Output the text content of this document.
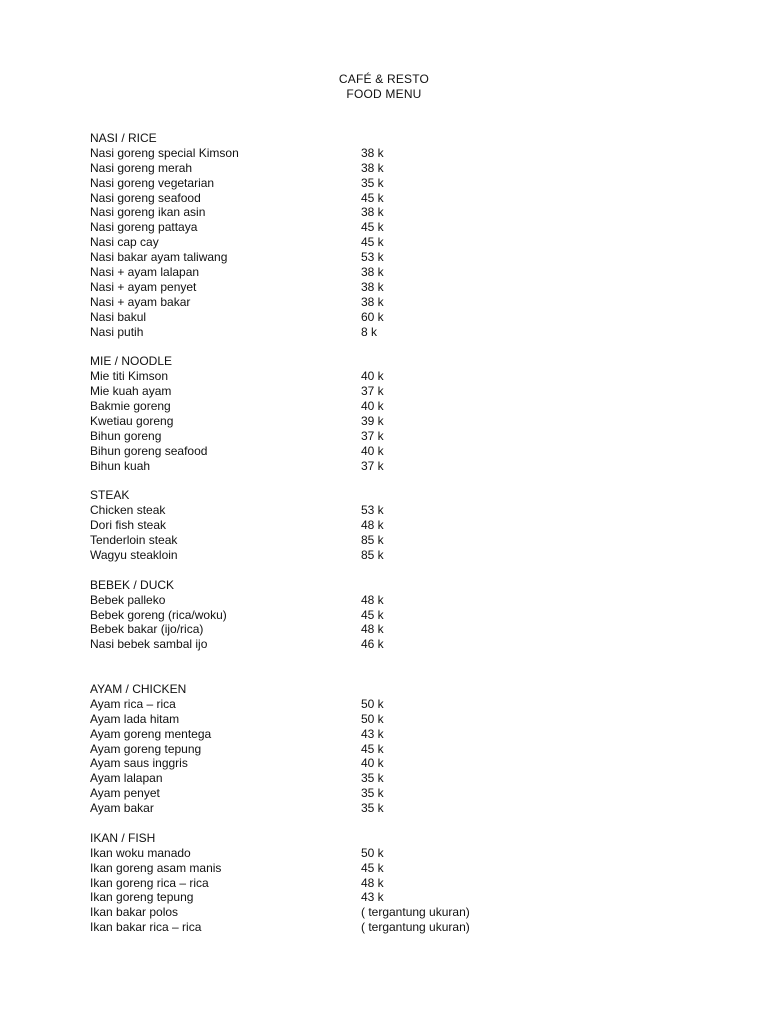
CAFÉ & RESTO
FOOD MENU
NASI / RICE
Nasi goreng special Kimson	38 k
Nasi goreng merah	38 k
Nasi goreng vegetarian	35 k
Nasi goreng seafood	45 k
Nasi goreng ikan asin	38 k
Nasi goreng pattaya	45 k
Nasi cap cay	45 k
Nasi bakar ayam taliwang	53 k
Nasi + ayam lalapan	38 k
Nasi + ayam penyet	38 k
Nasi + ayam bakar	38 k
Nasi bakul	60 k
Nasi putih	8 k
MIE / NOODLE
Mie titi Kimson	40 k
Mie kuah ayam	37 k
Bakmie goreng	40 k
Kwetiau goreng	39 k
Bihun goreng	37 k
Bihun goreng seafood	40 k
Bihun kuah	37 k
STEAK
Chicken steak	53 k
Dori fish steak	48 k
Tenderloin steak	85 k
Wagyu steakloin	85 k
BEBEK / DUCK
Bebek palleko	48 k
Bebek goreng (rica/woku)	45 k
Bebek bakar (ijo/rica)	48 k
Nasi bebek sambal ijo	46 k
AYAM / CHICKEN
Ayam rica – rica	50 k
Ayam lada hitam	50 k
Ayam goreng mentega	43 k
Ayam goreng tepung	45 k
Ayam saus inggris	40 k
Ayam lalapan	35 k
Ayam penyet	35 k
Ayam bakar	35 k
IKAN / FISH
Ikan woku manado	50 k
Ikan goreng asam manis	45 k
Ikan goreng rica – rica	48 k
Ikan goreng tepung	43 k
Ikan bakar polos	( tergantung ukuran)
Ikan bakar rica – rica	( tergantung ukuran)
